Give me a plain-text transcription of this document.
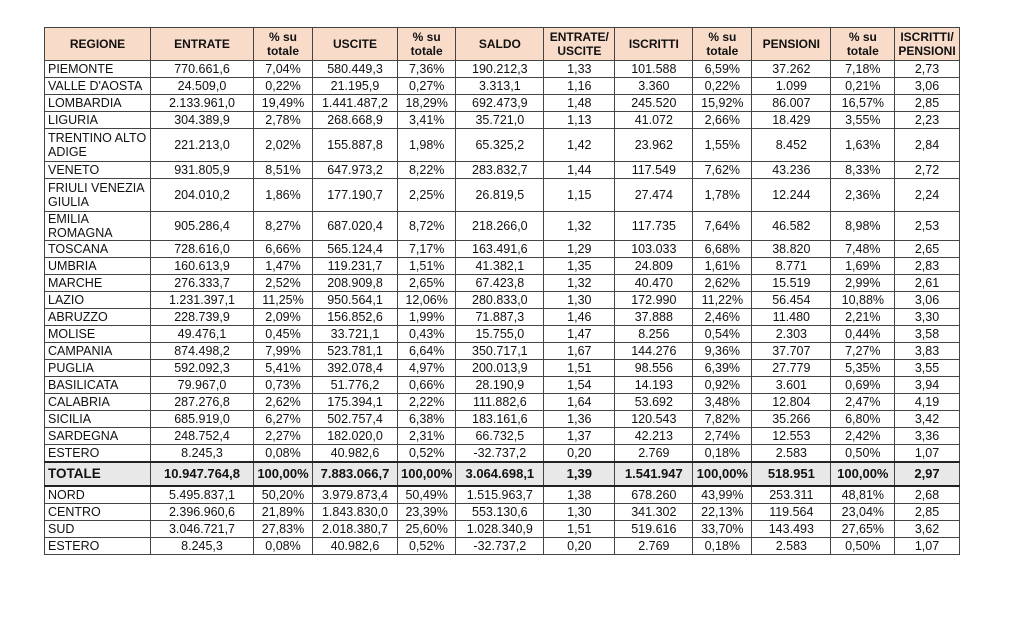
REGIONE	ENTRATE	% su totale	USCITE	% su totale	SALDO	ENTRATE/ USCITE	ISCRITTI	% su totale	PENSIONI	% su totale	ISCRITTI/ PENSIONI
PIEMONTE	770.661,6	7,04%	580.449,3	7,36%	190.212,3	1,33	101.588	6,59%	37.262	7,18%	2,73
VALLE D'AOSTA	24.509,0	0,22%	21.195,9	0,27%	3.313,1	1,16	3.360	0,22%	1.099	0,21%	3,06
LOMBARDIA	2.133.961,0	19,49%	1.441.487,2	18,29%	692.473,9	1,48	245.520	15,92%	86.007	16,57%	2,85
LIGURIA	304.389,9	2,78%	268.668,9	3,41%	35.721,0	1,13	41.072	2,66%	18.429	3,55%	2,23
TRENTINO ALTO ADIGE	221.213,0	2,02%	155.887,8	1,98%	65.325,2	1,42	23.962	1,55%	8.452	1,63%	2,84
VENETO	931.805,9	8,51%	647.973,2	8,22%	283.832,7	1,44	117.549	7,62%	43.236	8,33%	2,72
FRIULI VENEZIA GIULIA	204.010,2	1,86%	177.190,7	2,25%	26.819,5	1,15	27.474	1,78%	12.244	2,36%	2,24
EMILIA ROMAGNA	905.286,4	8,27%	687.020,4	8,72%	218.266,0	1,32	117.735	7,64%	46.582	8,98%	2,53
TOSCANA	728.616,0	6,66%	565.124,4	7,17%	163.491,6	1,29	103.033	6,68%	38.820	7,48%	2,65
UMBRIA	160.613,9	1,47%	119.231,7	1,51%	41.382,1	1,35	24.809	1,61%	8.771	1,69%	2,83
MARCHE	276.333,7	2,52%	208.909,8	2,65%	67.423,8	1,32	40.470	2,62%	15.519	2,99%	2,61
LAZIO	1.231.397,1	11,25%	950.564,1	12,06%	280.833,0	1,30	172.990	11,22%	56.454	10,88%	3,06
ABRUZZO	228.739,9	2,09%	156.852,6	1,99%	71.887,3	1,46	37.888	2,46%	11.480	2,21%	3,30
MOLISE	49.476,1	0,45%	33.721,1	0,43%	15.755,0	1,47	8.256	0,54%	2.303	0,44%	3,58
CAMPANIA	874.498,2	7,99%	523.781,1	6,64%	350.717,1	1,67	144.276	9,36%	37.707	7,27%	3,83
PUGLIA	592.092,3	5,41%	392.078,4	4,97%	200.013,9	1,51	98.556	6,39%	27.779	5,35%	3,55
BASILICATA	79.967,0	0,73%	51.776,2	0,66%	28.190,9	1,54	14.193	0,92%	3.601	0,69%	3,94
CALABRIA	287.276,8	2,62%	175.394,1	2,22%	111.882,6	1,64	53.692	3,48%	12.804	2,47%	4,19
SICILIA	685.919,0	6,27%	502.757,4	6,38%	183.161,6	1,36	120.543	7,82%	35.266	6,80%	3,42
SARDEGNA	248.752,4	2,27%	182.020,0	2,31%	66.732,5	1,37	42.213	2,74%	12.553	2,42%	3,36
ESTERO	8.245,3	0,08%	40.982,6	0,52%	-32.737,2	0,20	2.769	0,18%	2.583	0,50%	1,07
TOTALE	10.947.764,8	100,00%	7.883.066,7	100,00%	3.064.698,1	1,39	1.541.947	100,00%	518.951	100,00%	2,97
NORD	5.495.837,1	50,20%	3.979.873,4	50,49%	1.515.963,7	1,38	678.260	43,99%	253.311	48,81%	2,68
CENTRO	2.396.960,6	21,89%	1.843.830,0	23,39%	553.130,6	1,30	341.302	22,13%	119.564	23,04%	2,85
SUD	3.046.721,7	27,83%	2.018.380,7	25,60%	1.028.340,9	1,51	519.616	33,70%	143.493	27,65%	3,62
ESTERO	8.245,3	0,08%	40.982,6	0,52%	-32.737,2	0,20	2.769	0,18%	2.583	0,50%	1,07
